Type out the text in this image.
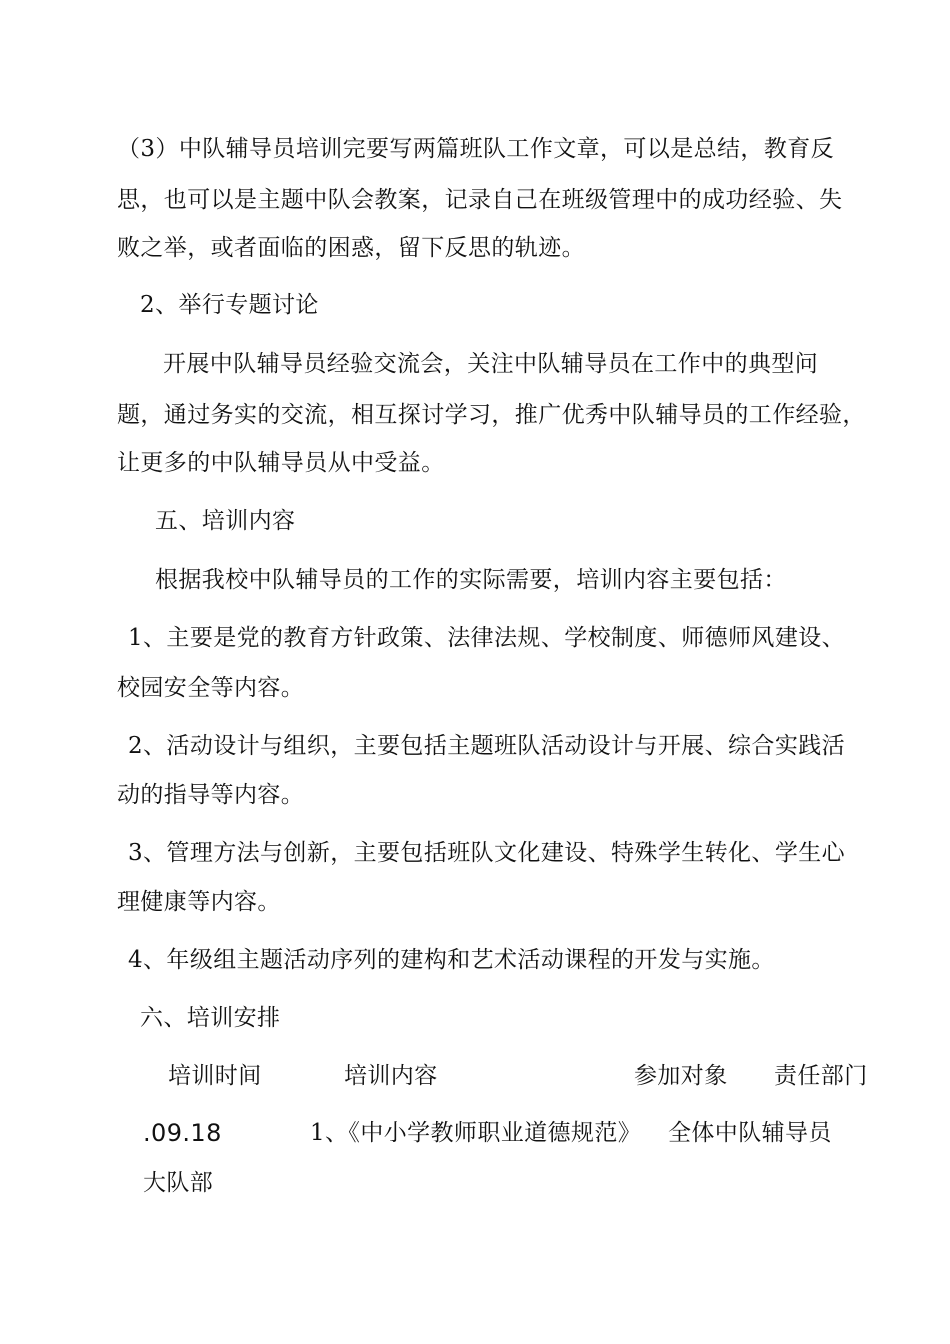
（3）中队辅导员培训完要写两篇班队工作文章，可以是总结，教育反
思，也可以是主题中队会教案，记录自己在班级管理中的成功经验、失
败之举，或者面临的困惑，留下反思的轨迹。
2、举行专题讨论
开展中队辅导员经验交流会，关注中队辅导员在工作中的典型问
题，通过务实的交流，相互探讨学习，推广优秀中队辅导员的工作经验，
让更多的中队辅导员从中受益。
五、培训内容
根据我校中队辅导员的工作的实际需要，培训内容主要包括：
1、主要是党的教育方针政策、法律法规、学校制度、师德师风建设、
校园安全等内容。
2、活动设计与组织，主要包括主题班队活动设计与开展、综合实践活
动的指导等内容。
3、管理方法与创新，主要包括班队文化建设、特殊学生转化、学生心
理健康等内容。
4、年级组主题活动序列的建构和艺术活动课程的开发与实施。
六、培训安排
培训时间	培训内容	参加对象 责任部门
.09.18	1、《中小学教师职业道德规范》 全体中队辅导员
大队部
